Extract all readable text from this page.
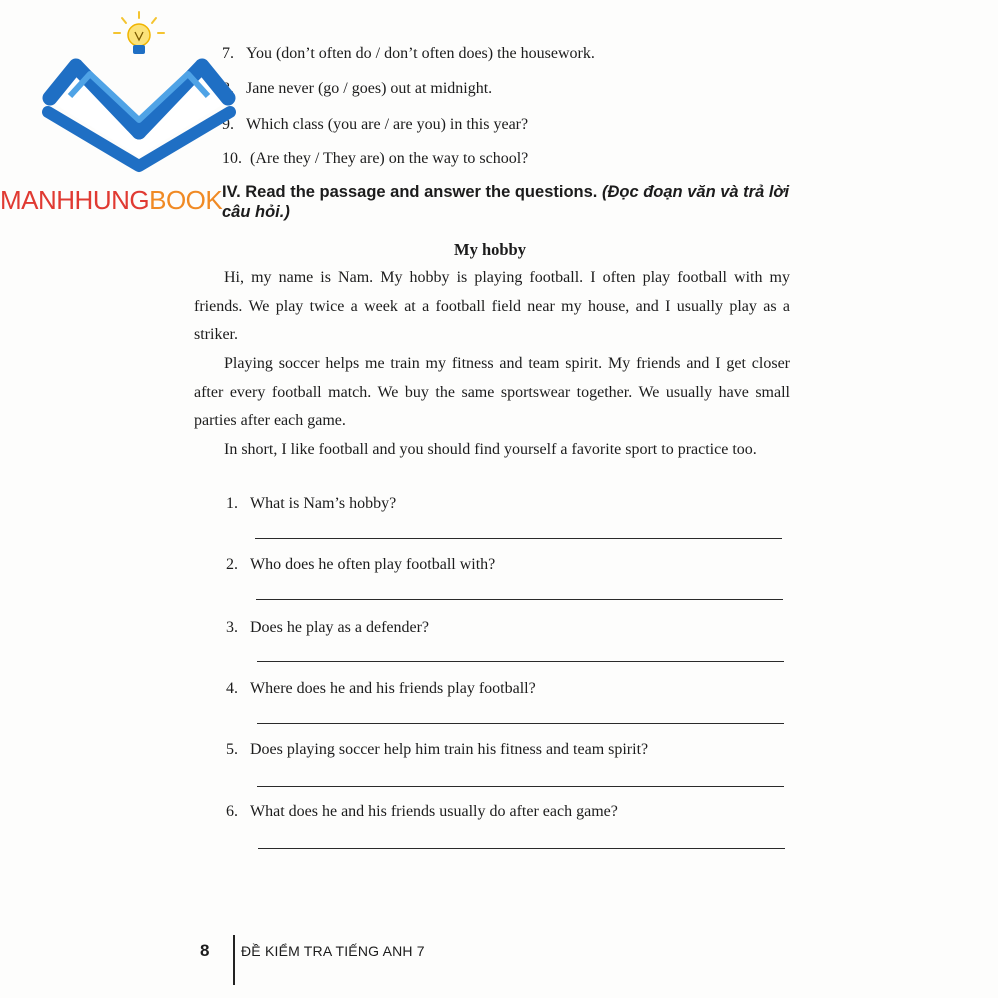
7. You (don’t often do / don’t often does) the housework.
8. Jane never (go / goes) out at midnight.
9. Which class (you are / are you) in this year?
10. (Are they / They are) on the way to school?
IV. Read the passage and answer the questions. (Đọc đoạn văn và trả lời câu hỏi.)
My hobby
Hi, my name is Nam. My hobby is playing football. I often play football with my friends. We play twice a week at a football field near my house, and I usually play as a striker.
Playing soccer helps me train my fitness and team spirit. My friends and I get closer after every football match. We buy the same sportswear together. We usually have small parties after each game.
In short, I like football and you should find yourself a favorite sport to practice too.
1. What is Nam’s hobby?
2. Who does he often play football with?
3. Does he play as a defender?
4. Where does he and his friends play football?
5. Does playing soccer help him train his fitness and team spirit?
6. What does he and his friends usually do after each game?
8 ĐỀ KIỂM TRA TIẾNG ANH 7
MANHHUNGBOOK
